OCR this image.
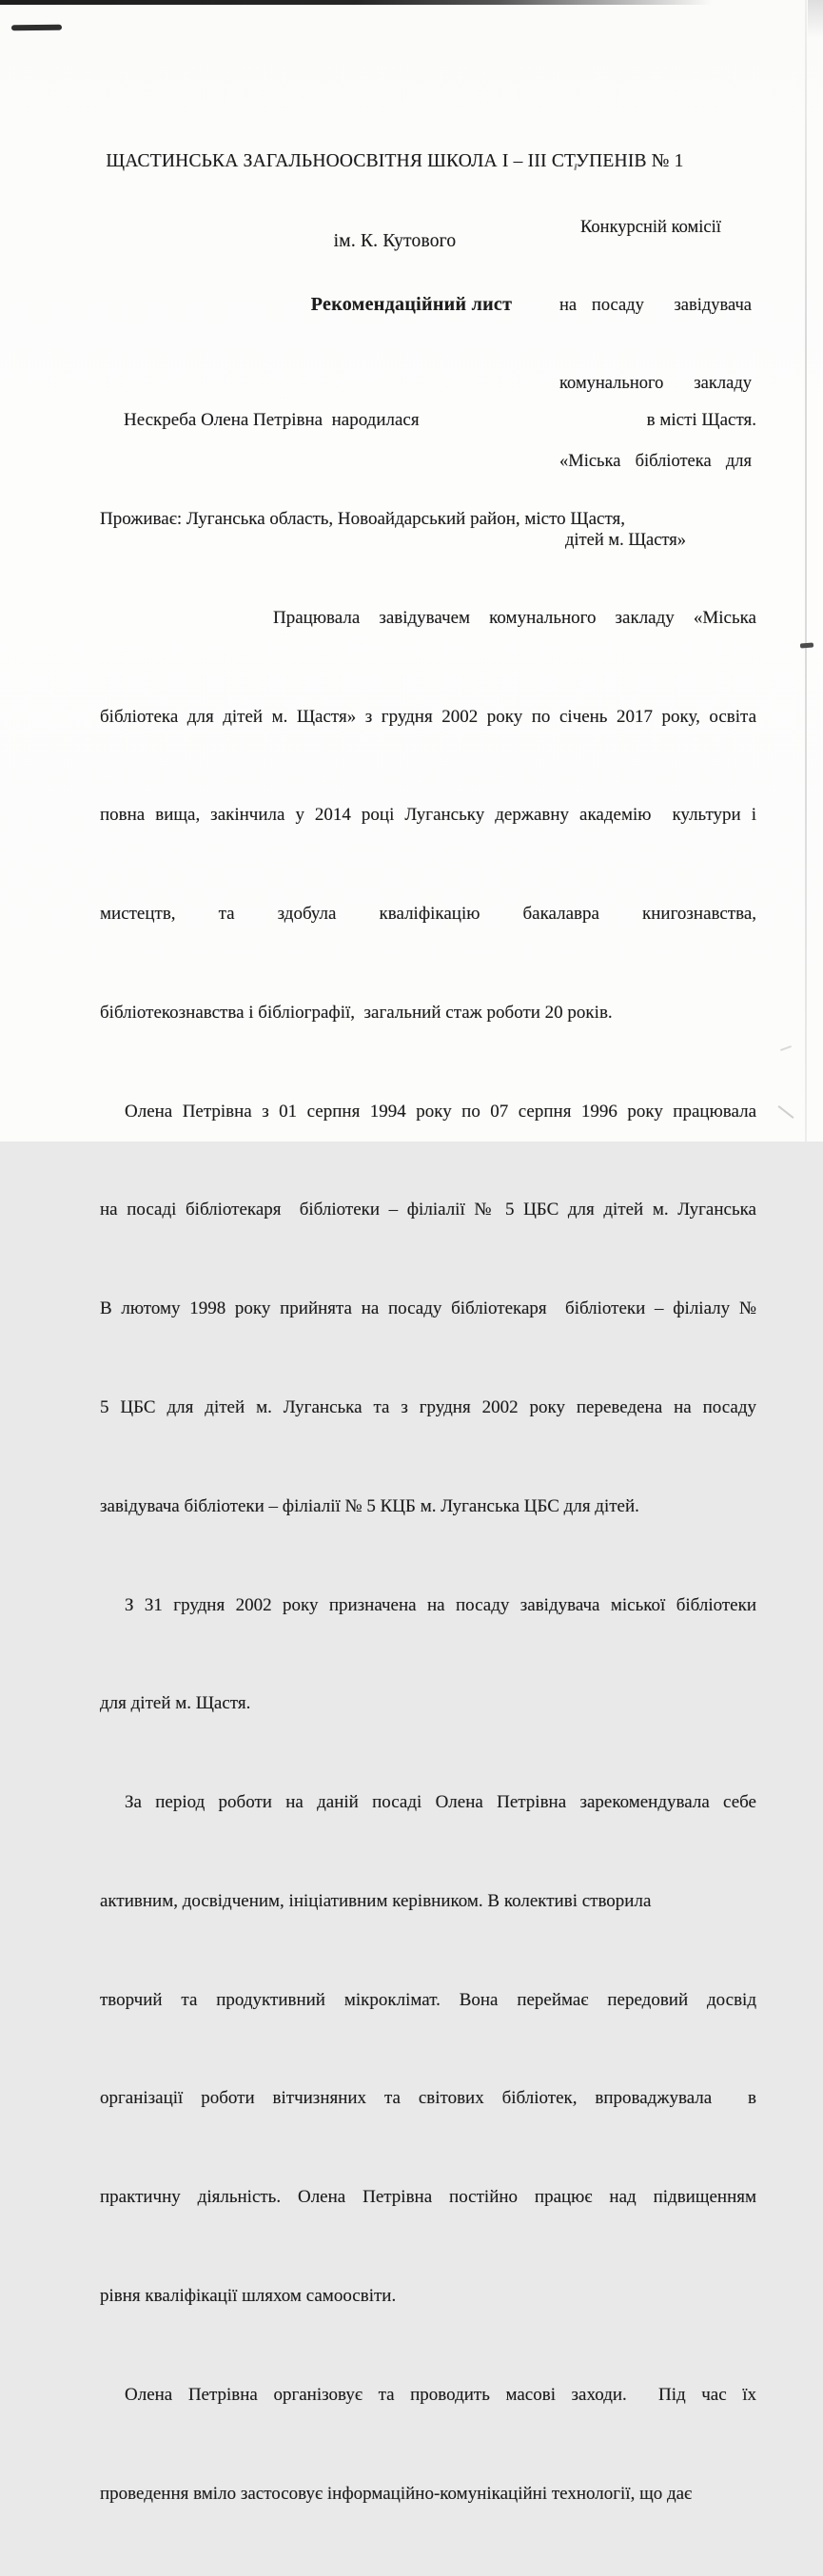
ЩАСТИНСЬКА ЗАГАЛЬНООСВІТНЯ ШКОЛА І – ІІІ СТУПЕНІВ № 1

ім. К. Кутового

Конкурсній комісії

на посаду  завідувача

комунального закладу

«Міська бібліотека для

дітей м. Щастя»

Рекомендаційний лист

Нескреба Олена Петрівна  народилася	в місті Щастя.

Проживає: Луганська область, Новоайдарський район, місто Щастя,

Працювала завідувачем комунального закладу «Міська

бібліотека для дітей м. Щастя» з грудня 2002 року по січень 2017 року, освіта

повна вища, закінчила у 2014 році Луганську державну академію  культури і

мистецтв,  та  здобула  кваліфікацію  бакалавра  книгознавства,

бібліотекознавства і бібліографії,  загальний стаж роботи 20 років.

Олена Петрівна з 01 серпня 1994 року по 07 серпня 1996 року працювала

на посаді бібліотекаря  бібліотеки – філіалії № 5 ЦБС для дітей м. Луганська

В лютому 1998 року прийнята на посаду бібліотекаря  бібліотеки – філіалу №

5 ЦБС для дітей м. Луганська та з грудня 2002 року переведена на посаду

завідувача бібліотеки – філіалії № 5 КЦБ м. Луганська ЦБС для дітей.

З 31 грудня 2002 року призначена на посаду завідувача міської бібліотеки

для дітей м. Щастя.

За період роботи на даній посаді Олена Петрівна зарекомендувала себе

активним, досвідченим, ініціативним керівником. В колективі створила

творчий та продуктивний мікроклімат. Вона переймає передовий досвід

організації роботи вітчизняних та світових бібліотек, впроваджувала  в

практичну діяльність. Олена Петрівна постійно працює над підвищенням

рівня кваліфікації шляхом самоосвіти.

Олена Петрівна організовує та проводить масові заходи.  Під час їх

проведення вміло застосовує інформаційно-комунікаційні технології, що дає
